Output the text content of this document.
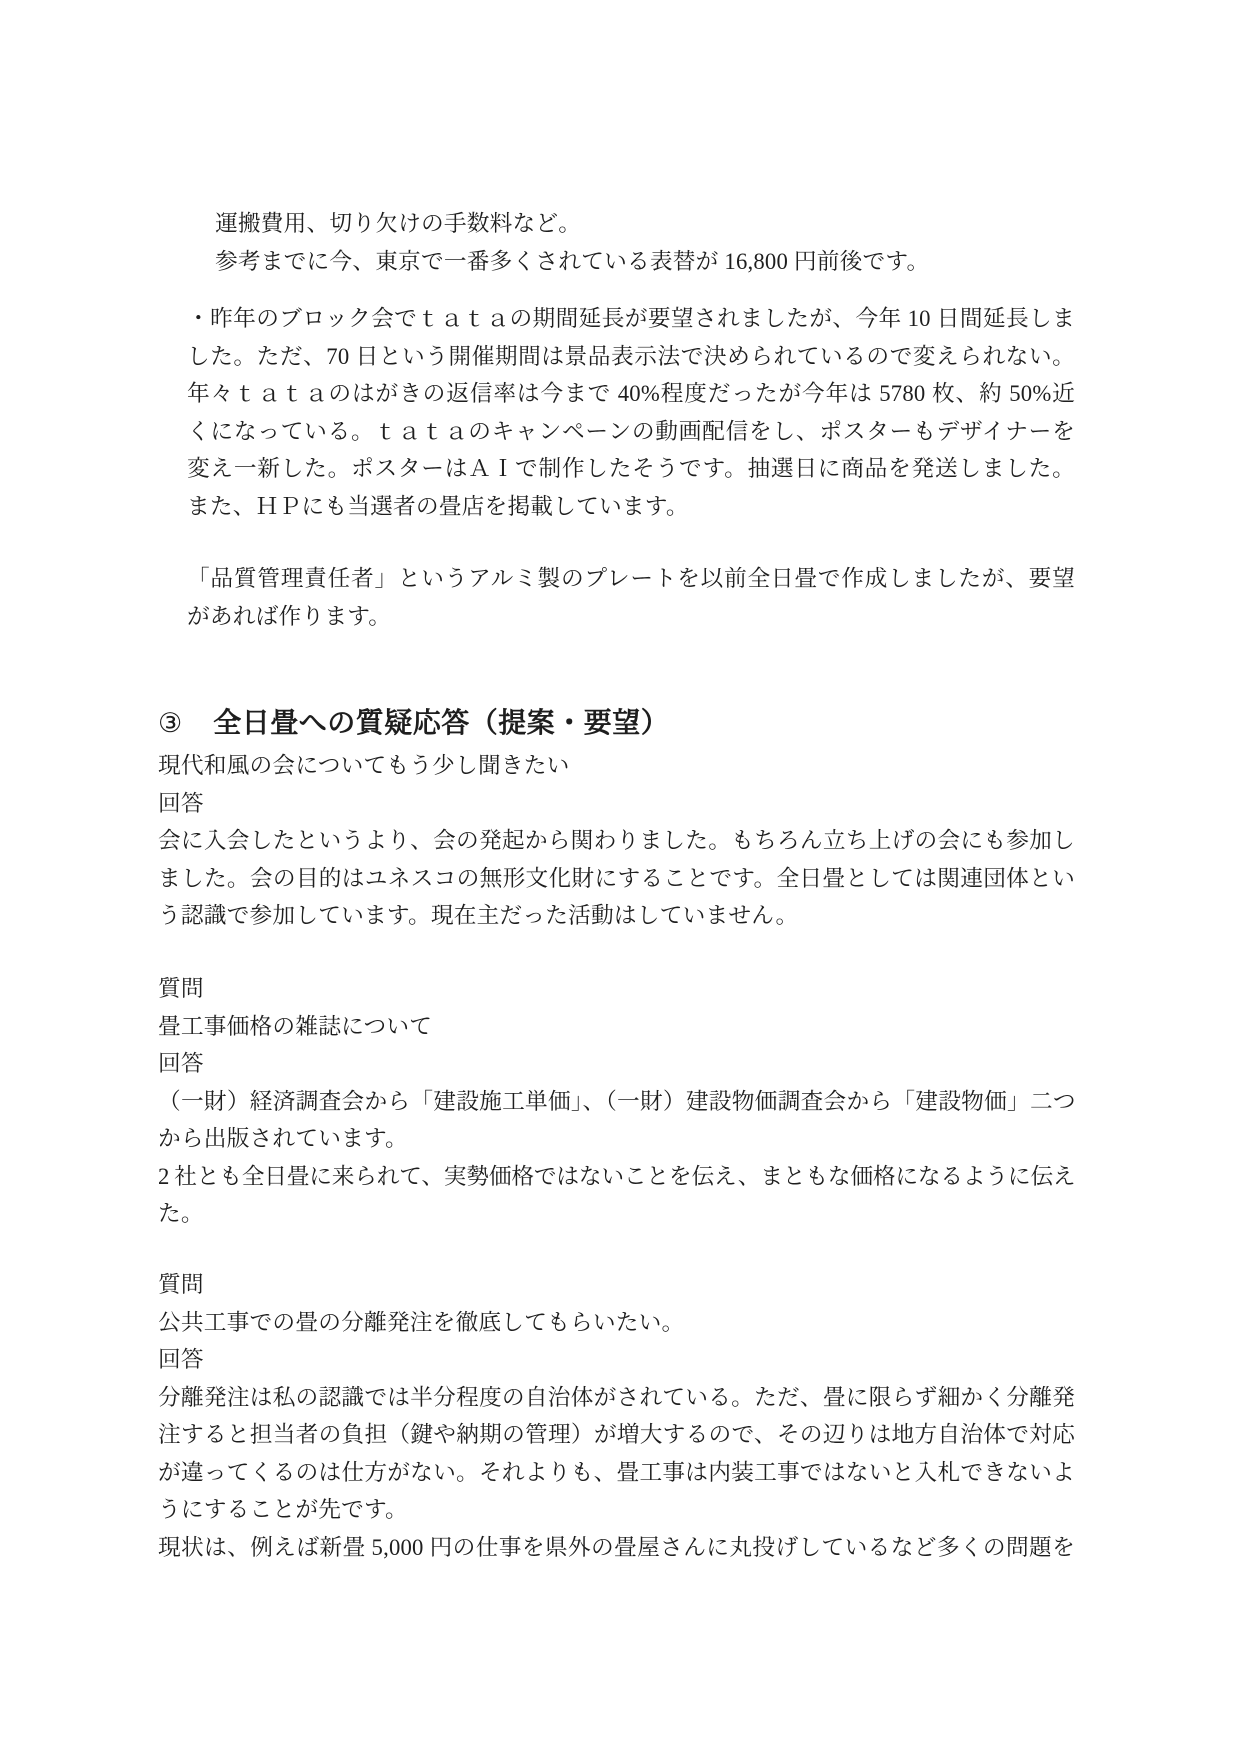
運搬費用、切り欠けの手数料など。
参考までに今、東京で一番多くされている表替が 16,800 円前後です。
・昨年のブロック会でｔａｔａの期間延長が要望されましたが、今年 10 日間延長しま
した。ただ、70 日という開催期間は景品表示法で決められているので変えられない。
年々ｔａｔａのはがきの返信率は今まで 40%程度だったが今年は 5780 枚、約 50%近
くになっている。ｔａｔａのキャンペーンの動画配信をし、ポスターもデザイナーを
変え一新した。ポスターはＡＩで制作したそうです。抽選日に商品を発送しました。
また、ＨＰにも当選者の畳店を掲載しています。
「品質管理責任者」というアルミ製のプレートを以前全日畳で作成しましたが、要望
があれば作ります。
③ 全日畳への質疑応答（提案・要望）
現代和風の会についてもう少し聞きたい
回答
会に入会したというより、会の発起から関わりました。もちろん立ち上げの会にも参加し
ました。会の目的はユネスコの無形文化財にすることです。全日畳としては関連団体とい
う認識で参加しています。現在主だった活動はしていません。
質問
畳工事価格の雑誌について
回答
（一財）経済調査会から「建設施工単価」、（一財）建設物価調査会から「建設物価」二つ
から出版されています。
2 社とも全日畳に来られて、実勢価格ではないことを伝え、まともな価格になるように伝え
た。
質問
公共工事での畳の分離発注を徹底してもらいたい。
回答
分離発注は私の認識では半分程度の自治体がされている。ただ、畳に限らず細かく分離発
注すると担当者の負担（鍵や納期の管理）が増大するので、その辺りは地方自治体で対応
が違ってくるのは仕方がない。それよりも、畳工事は内装工事ではないと入札できないよ
うにすることが先です。
現状は、例えば新畳 5,000 円の仕事を県外の畳屋さんに丸投げしているなど多くの問題を
